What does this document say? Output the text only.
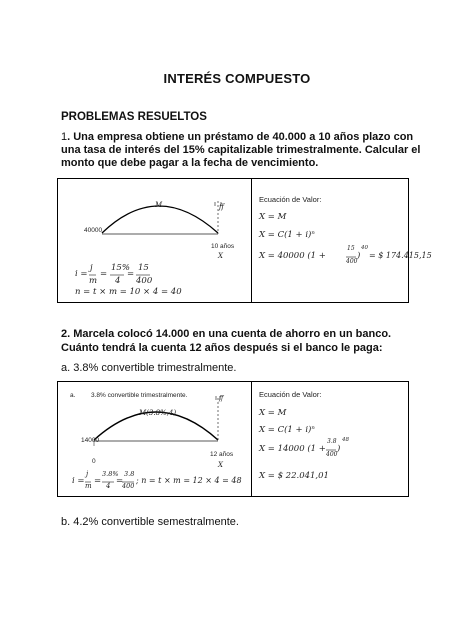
INTERÉS COMPUESTO
PROBLEMAS RESUELTOS
1. Una empresa obtiene un préstamo de 40.000 a 10 años plazo con una tasa de interés del 15% capitalizable trimestralmente. Calcular el monto que debe pagar a la fecha de vencimiento.
M
40000
ff
10 años
X
i =
j
m
=
15%
4
=
15
400
n = t × m = 10 × 4 = 40
Ecuación de Valor:
X = M
X = C(1 + i)ⁿ
X = 40000 (1 +
15
400
)
40
= $ 174.415,15
2. Marcela colocó 14.000 en una cuenta de ahorro en un banco. Cuánto tendrá la cuenta 12 años después si el banco le paga:
a. 3.8% convertible trimestralmente.
a. 3.8% convertible trimestralmente.
M(3.8%,4)
14000
ff
0
12 años
X
i =
j
m =
3.8%
4 =
3.8
400
; n = t × m = 12 × 4 = 48
Ecuación de Valor:
X = M
X = C(1 + i)ⁿ
X = 14000 (1 +
3.8
400
)
48
X = $ 22.041,01
b. 4.2% convertible semestralmente.
